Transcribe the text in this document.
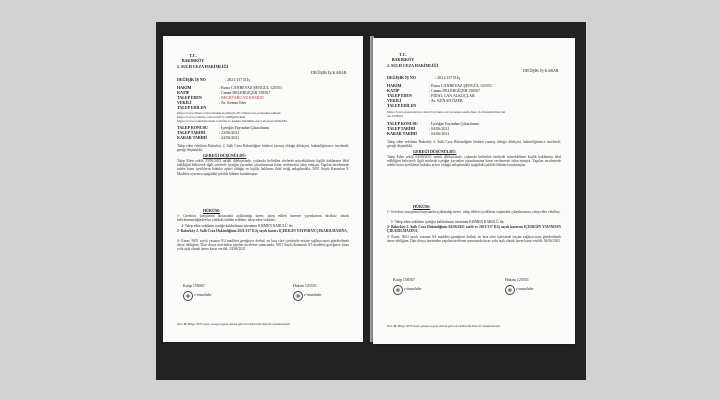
T.C.
BAKIRKÖY
2. SULH CEZA HAKİMLİĞİ
DEĞİŞİK İŞ KARAR
DEĞİŞİK İŞ NO	: 2021/137 D.İş
HAKİM	: Esma CANBEYAZ ŞENGÜL 125551
KATİP	: Canan DELERGİÇER 158567
TALEP EDEN	: RECEP ERCAN KESKİN
VEKİLİ	: Av. Kenan Özer
TALEP EDİLEN
https://www.diken.com.tr/keskin-holdingin-30-villasi-icin-yolsuzluk-iddiasi/
https://www.youtube.com/watch?v=d0HgbdS4eJk
https://www.youtubebottom.com/file-fc-keskin-hakimlik-araci-ziyareti-Sm3uhFu
TALEP KONUSU	: İçeriğin Yayından Çıkarılması
TALEP TARİHİ	: 23/06/2021
KARAR TARİHİ	: 24/06/2021
Talep eden vekilinin Bakırköy 2. Sulh Ceza Hakimliğine hitaben yazmış olduğu dilekçesi, hakimliğimizce incelendi; gereği düşünüldü.
GEREĞİ DÜŞÜNÜLDÜ:
Talep Eden vekili 23/06/2021 tarihli dilekçesinde, yukarıda belirtilen sitelerde müvekkilinin kişilik haklarının ihlal edildiğini belirterek ilgili sitelerde içeriğin yayından çıkarılmasına karar verilmesini talep etmiştir. Yapılan incelemede talebe konu içeriklerin hukuka aykırı olduğu ve kişilik haklarını ihlal ettiği anlaşılmakla, 5651 Sayılı Kanun'un 9. Maddesi uyarınca aşağıdaki şekilde hüküm kurulmuştur.
HÜKÜM:
1- Gereksiz yazıştırma hususunda açıklandığı üzere, talep edilen internet yayınlarının eksiksiz olarak belirlenemediğinden bu yöndeki talebin reddine; talep eden vekiline,
4- Talep eden vekilinin içeriğe kaldırılması isteminin KISMEN KABULÜ ile;
2- Bakırköy 2. Sulh Ceza Hakimliğinin 2021/137 D.İş sayılı kararı İÇERİĞİN YAYINDAN ÇIKARILMASINA,
3- Karar, 5651 sayılı yasanın 9/4 maddesi gereğince derhal, en kısa süre içerisinde erişim sağlayıcısına gönderilmek üzere tebliğine; Dair dosya üzerinden yapılan inceleme sonucunda, 5651 Sayılı Kanunun 9/5 maddesi gereğince itiraz yolu açık olmak üzere karar verildi. 24/06/2021
Katip 158567	Hakim 125551
e-imzalıdır	e-imzalıdır
Not: Bu Belge 5070 sayılı yasaya uygun olarak güvenli elektronik imza ile imzalanmıştır.
T.C.
BAKIRKÖY
2. SULH CEZA HAKİMLİĞİ
DEĞİŞİK İŞ KARAR
DEĞİŞİK İŞ NO	: 2021/137 D.İş
HAKİM	: Esma CANBEYAZ ŞENGÜL 125551
KATİP	: Canan DELERGİÇER 158567
TALEP EDEN	: FİDAL CAN ALKOÇLAR
VEKİLİ	: Av. KENAN ÖZER
TALEP EDİLEN
https://www.gazeteduvar.com.tr/bayraktar-ozvoz-sepet-sakin-fiset-1b-fiiniadevilde-bah
uh-1528291
TALEP KONUSU	: İçeriğin Yayından Çıkarılması
TALEP TARİHİ	: 04/06/2021
KARAR TARİHİ	: 04/06/2021
Talep eden vekilinin Bakırköy 2. Sulh Ceza Hakimliğine hitaben yazmış olduğu dilekçesi, hakimliğimizce incelendi; gereği düşünüldü.
GEREĞİ DÜŞÜNÜLDÜ:
Talep Eden vekili 04/06/2021 tarihli dilekçesinde, yukarıda belirtilen sitelerde müvekkilinin kişilik haklarının ihlal edildiğini belirterek ilgili sitelerde içeriğin yayından çıkarılmasına karar verilmesini talep etmiştir. Yapılan incelemede talebe konu içeriklerin hukuka aykırı olduğu anlaşılmakla aşağıdaki şekilde hüküm kurulmuştur.
HÜKÜM:
1- Gereksiz yazıştırma hususunda açıklandığı üzere, talep edilen içeriklerin erişimden çıkarılmasına, talep eden vekiline,
1- Talep eden vekilinin içeriğin kaldırılması isteminin KISMEN KABULÜ ile;
2- Bakırköy 2. Sulh Ceza Hakimliğinin 04/06/2021 tarih ve 2021/137 D.İş sayılı kararını İÇERİĞİN YAYINDAN ÇIKARILMASINA,
3- Karar, 5651 sayılı yasanın 9/4 maddesi gereğince derhal, en kısa süre içerisinde erişim sağlayıcısına gönderilmek üzere tebliğine; Dair dosya üzerinden yapılan inceleme sonucunda itiraz yolu açık olmak üzere karar verildi. 04/06/2021
Katip 158567	Hakim 125551
e-imzalıdır	e-imzalıdır
Not: Bu Belge 5070 sayılı yasaya uygun olarak güvenli elektronik imza ile imzalanmıştır.
